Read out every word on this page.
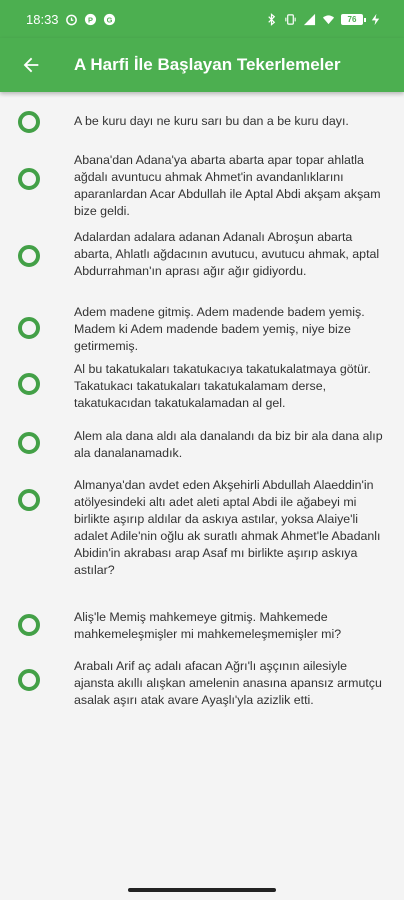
18:33	P G	76
A Harfi İle Başlayan Tekerlemeler
A be kuru dayı ne kuru sarı bu dan a be kuru dayı.
Abana'dan Adana'ya abarta abarta apar topar ahlatla ağdalı avuntucu ahmak Ahmet'in avandanlıklarını aparanlardan Acar Abdullah ile Aptal Abdi akşam akşam bize geldi.
Adalardan adalara adanan Adanalı Abroşun abarta abarta, Ahlatlı ağdacının avutucu, avutucu ahmak, aptal Abdurrahman'ın aprası ağır ağır gidiyordu.
Adem madene gitmiş. Adem madende badem yemiş. Madem ki Adem madende badem yemiş, niye bize getirmemiş.
Al bu takatukaları takatukacıya takatukalatmaya götür. Takatukacı takatukaları takatukalamam derse, takatukacıdan takatukalamadan al gel.
Alem ala dana aldı ala danalandı da biz bir ala dana alıp ala danalanamadık.
Almanya'dan avdet eden Akşehirli Abdullah Alaeddin'in atölyesindeki altı adet aleti aptal Abdi ile ağabeyi mi birlikte aşırıp aldılar da askıya astılar, yoksa Alaiye'li adalet Adile'nin oğlu ak suratlı ahmak Ahmet'le Abadanlı Abidin'in akrabası arap Asaf mı birlikte aşırıp askıya astılar?
Aliş'le Memiş mahkemeye gitmiş. Mahkemede mahkemeleşmişler mi mahkemeleşmemişler mi?
Arabalı Arif aç adalı afacan Ağrı'lı aşçının ailesiyle ajansta akıllı alışkan amelenin anasına apansız armutçu asalak aşırı atak avare Ayaşlı'yla azizlik etti.
